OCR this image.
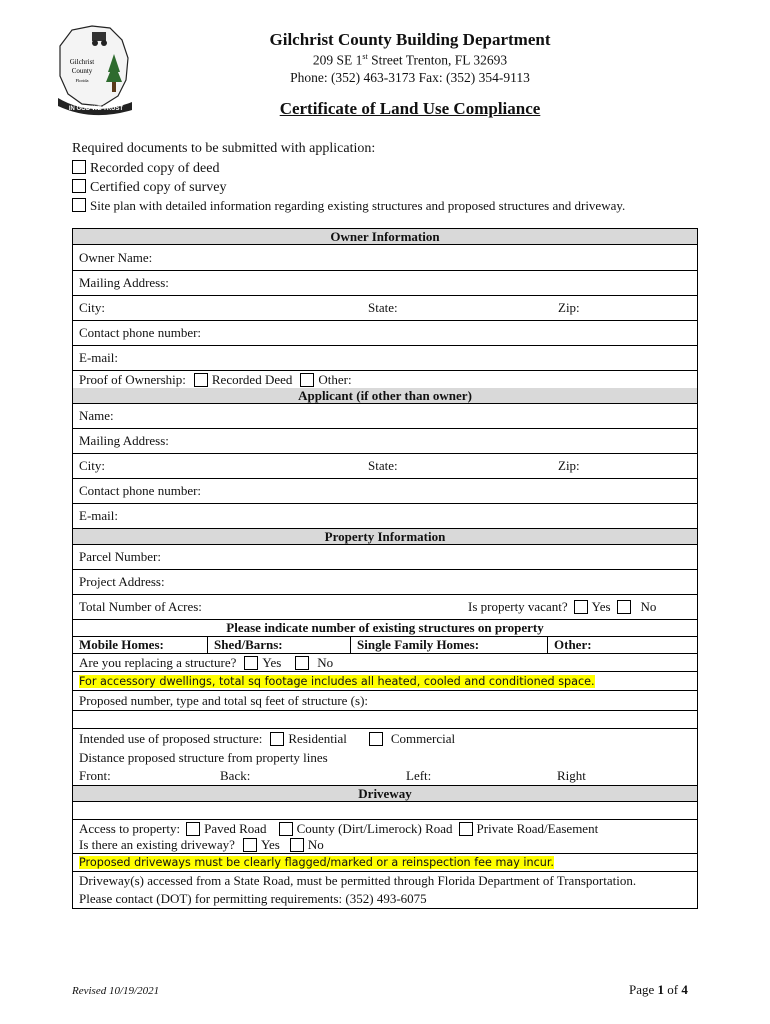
Gilchrist
County
Florida
IN GOD WE TRUST
Gilchrist County Building Department
209 SE 1st Street Trenton, FL 32693
Phone: (352) 463-3173 Fax: (352) 354-9113
Certificate of Land Use Compliance
Required documents to be submitted with application:
Recorded copy of deed
Certified copy of survey
Site plan with detailed information regarding existing structures and proposed structures and driveway.
Owner Information
Owner Name:
Mailing Address:
City:	State:	Zip:
Contact phone number:
E-mail:
Proof of Ownership: Recorded Deed Other:
Applicant (if other than owner)
Name:
Mailing Address:
City:	State:	Zip:
Contact phone number:
E-mail:
Property Information
Parcel Number:
Project Address:
Total Number of Acres:	Is property vacant? Yes No
Please indicate number of existing structures on property
Mobile Homes:	Shed/Barns:	Single Family Homes:	Other:
Are you replacing a structure? Yes	No
For accessory dwellings, total sq footage includes all heated, cooled and conditioned space.
Proposed number, type and total sq feet of structure (s):
Intended use of proposed structure: Residential	Commercial
Distance proposed structure from property lines
Front:	Back:	Left:	Right
Driveway
Access to property: Paved Road County (Dirt/Limerock) Road Private Road/Easement
Is there an existing driveway? Yes No
Proposed driveways must be clearly flagged/marked or a reinspection fee may incur.
Driveway(s) accessed from a State Road, must be permitted through Florida Department of Transportation.
Please contact (DOT) for permitting requirements: (352) 493-6075
Revised 10/19/2021	Page 1 of 4
